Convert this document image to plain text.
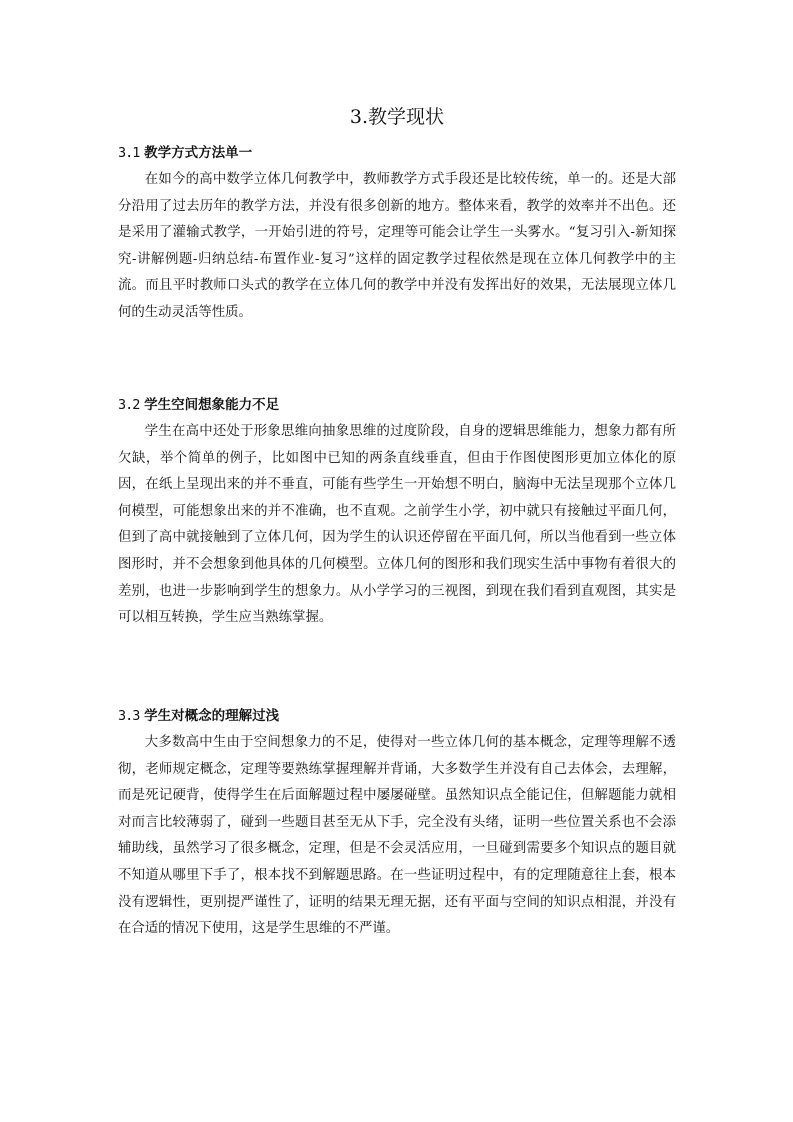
3.教学现状
3.1 教学方式方法单一

在如今的高中数学立体几何教学中，教师教学方式手段还是比较传统，单一的。还是大部分沿用了过去历年的教学方法，并没有很多创新的地方。整体来看，教学的效率并不出色。还是采用了灌输式教学，一开始引进的符号，定理等可能会让学生一头雾水。“复习引入-新知探究-讲解例题-归纳总结-布置作业-复习”这样的固定教学过程依然是现在立体几何教学中的主流。而且平时教师口头式的教学在立体几何的教学中并没有发挥出好的效果，无法展现立体几何的生动灵活等性质。

3.2 学生空间想象能力不足

学生在高中还处于形象思维向抽象思维的过度阶段，自身的逻辑思维能力，想象力都有所欠缺，举个简单的例子，比如图中已知的两条直线垂直，但由于作图使图形更加立体化的原因，在纸上呈现出来的并不垂直，可能有些学生一开始想不明白，脑海中无法呈现那个立体几何模型，可能想象出来的并不准确，也不直观。之前学生小学，初中就只有接触过平面几何，但到了高中就接触到了立体几何，因为学生的认识还停留在平面几何，所以当他看到一些立体图形时，并不会想象到他具体的几何模型。立体几何的图形和我们现实生活中事物有着很大的差别，也进一步影响到学生的想象力。从小学学习的三视图，到现在我们看到直观图，其实是可以相互转换，学生应当熟练掌握。

3.3 学生对概念的理解过浅

大多数高中生由于空间想象力的不足，使得对一些立体几何的基本概念，定理等理解不透彻，老师规定概念，定理等要熟练掌握理解并背诵，大多数学生并没有自己去体会，去理解，而是死记硬背，使得学生在后面解题过程中屡屡碰壁。虽然知识点全能记住，但解题能力就相对而言比较薄弱了，碰到一些题目甚至无从下手，完全没有头绪，证明一些位置关系也不会添辅助线，虽然学习了很多概念，定理，但是不会灵活应用，一旦碰到需要多个知识点的题目就不知道从哪里下手了，根本找不到解题思路。在一些证明过程中，有的定理随意往上套，根本没有逻辑性，更别提严谨性了，证明的结果无理无据，还有平面与空间的知识点相混，并没有在合适的情况下使用，这是学生思维的不严谨。
